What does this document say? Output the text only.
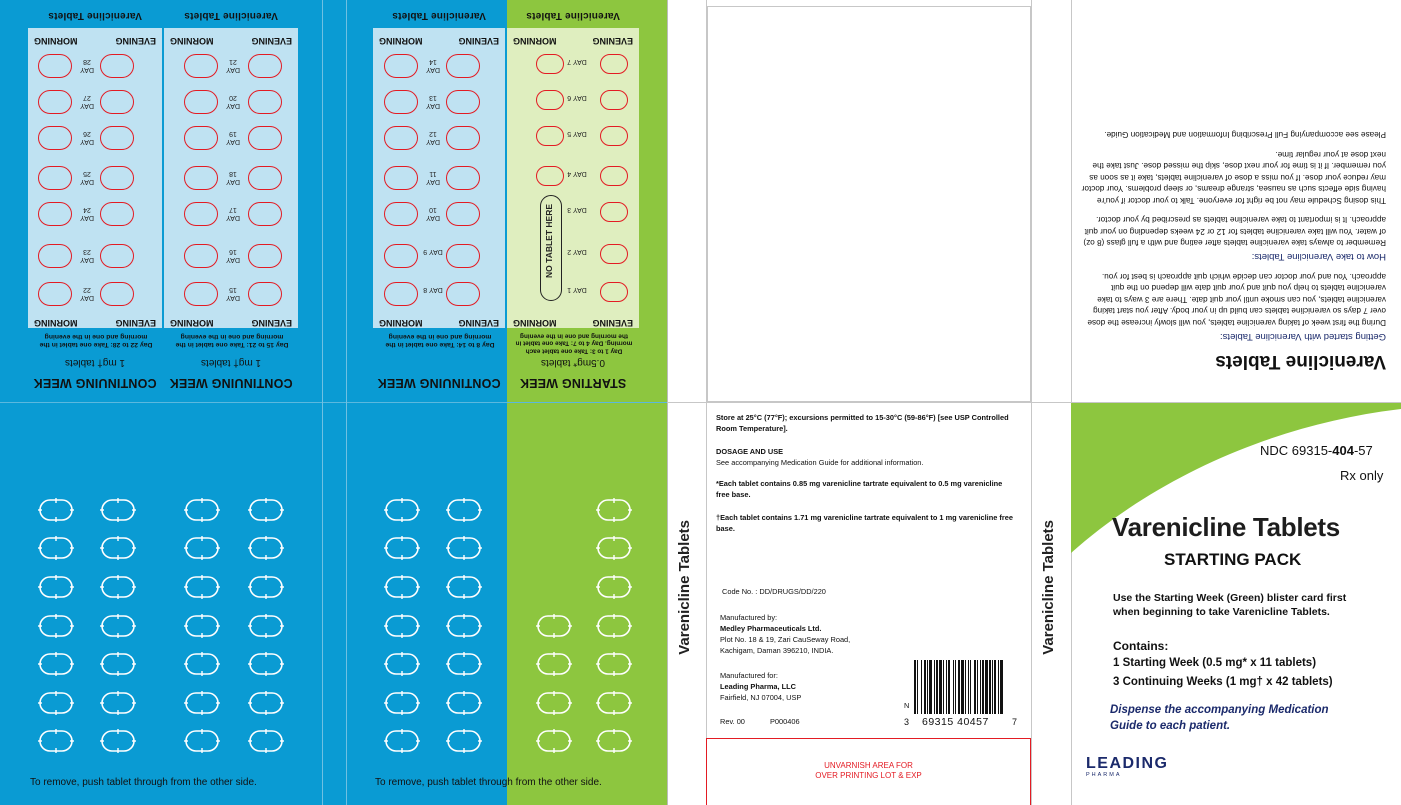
Varenicline Tablets	Varenicline Tablets	Varenicline Tablets	Varenicline Tablets
EVENING
MORNING	EVENING
MORNING	EVENING
MORNING	EVENING
MORNING
EVENING
MORNING	EVENING
MORNING	EVENING
MORNING	EVENING
MORNING
DAY 28
DAY 27
DAY 26
DAY 25
DAY 24
DAY 23
DAY 22
DAY 21
DAY 20
DAY 19
DAY 18
DAY 17
DAY 16
DAY 15
DAY 14
DAY 13
DAY 12
DAY 11
DAY 10
DAY 9
DAY 8
DAY 7
DAY 6
DAY 5
DAY 4
DAY 3
DAY 2
DAY 1
NO TABLET HERE
Day 22 to 28: Take one tablet in the morning and one in the evening
Day 15 to 21: Take one tablet in the morning and one in the evening
Day 8 to 14: Take one tablet in the morning and one in the evening
Day 1 to 3: Take one tablet each morning. Day 4 to 7: Take one tablet in the morning and one in the evening
1 mg† tablets	1 mg† tablets	0.5mg* tablets
CONTINUING WEEK	CONTINUING WEEK	CONTINUING WEEK	STARTING WEEK
To remove, push tablet through from the other side.	To remove, push tablet through from the other side.
Varenicline Tablets
Getting started with Varenicline Tablets:
During the first week of taking varenicline tablets, you will slowly increase the dose over 7 days so varenicline tablets can build up in your body. After you start taking varenicline tablets, you can smoke until your quit date. There are 3 ways to take varenicline tablets to help you quit and your quit date will depend on the quit approach. You and your doctor can decide which quit approach is best for you.
How to take Varenicline Tablets:
Remember to always take varenicline tablets after eating and with a full glass (8 oz) of water. You will take varenicline tablets for 12 or 24 weeks depending on your quit approach. It is important to take varenicline tablets as prescribed by your doctor.
This dosing Schedule may not be right for everyone. Talk to your doctor if you're having side effects such as nausea, strange dreams, or sleep problems. Your doctor may reduce your dose. If you miss a dose of varenicline tablets, take it as soon as you remember. If it is time for your next dose, skip the missed dose. Just take the next dose at your regular time.
Please see accompanying Full Prescribing Information and Medication Guide.
Varenicline Tablets
Store at 25°C (77°F); excursions permitted to 15-30°C (59-86°F) [see USP Controlled Room Temperature].
DOSAGE AND USE
See accompanying Medication Guide for additional information.
*Each tablet contains 0.85 mg varenicline tartrate equivalent to 0.5 mg varenicline free base.
†Each tablet contains 1.71 mg varenicline tartrate equivalent to 1 mg varenicline free base.
Code No. : DD/DRUGS/DD/220
Manufactured by:
Medley Pharmaceuticals Ltd.
Plot No. 18 & 19, Zari CauSeway Road,
Kachigam, Daman 396210, INDIA.
Manufactured for:
Leading Pharma, LLC
Fairfield, NJ 07004, USP
Rev. 00	P000406
N
3 69315 40457	7
UNVARNISH AREA FOR
OVER PRINTING LOT & EXP
Varenicline Tablets
NDC 69315-404-57
Rx only
Varenicline Tablets
STARTING PACK
Use the Starting Week (Green) blister card first
when beginning to take Varenicline Tablets.
Contains:
1 Starting Week (0.5 mg* x 11 tablets)
3 Continuing Weeks (1 mg† x 42 tablets)
Dispense the accompanying Medication
Guide to each patient.
LEADING
PHARMA
